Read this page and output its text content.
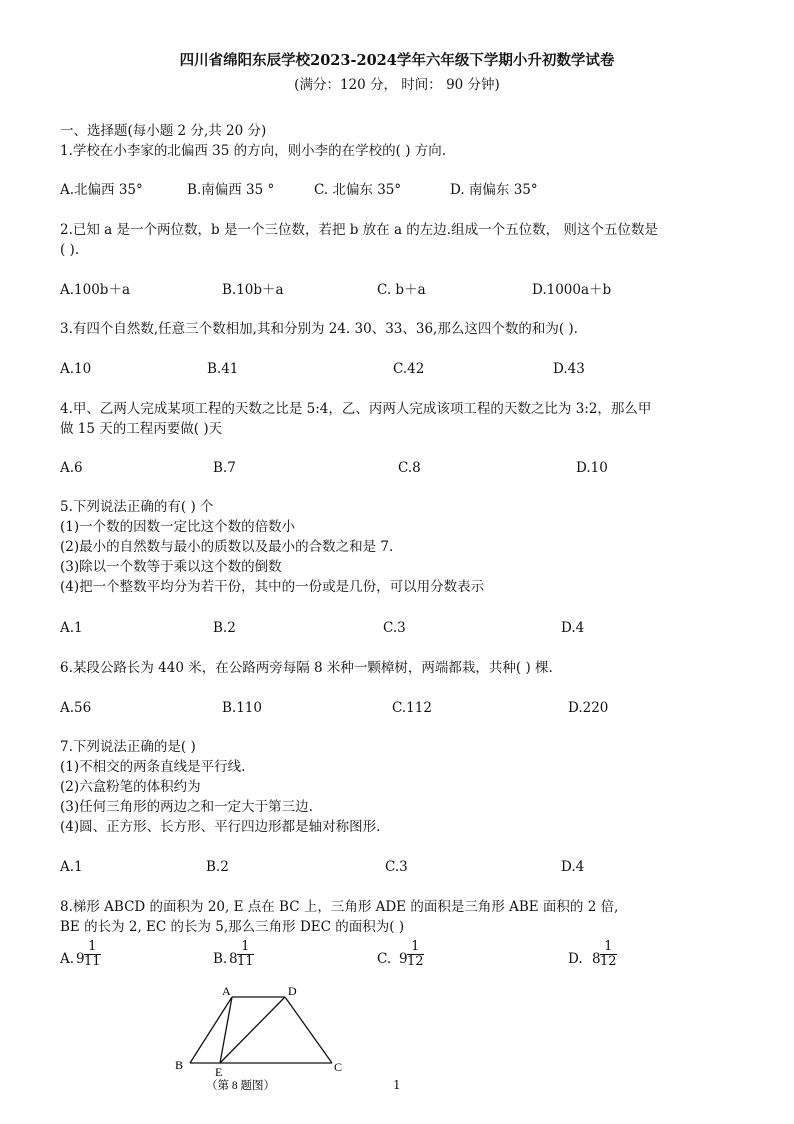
四川省绵阳东辰学校2023-2024学年六年级下学期小升初数学试卷
(满分：120 分， 时间： 90 分钟)
一、选择题(每小题 2 分,共 20 分)
1.学校在小李家的北偏西 35 的方向，则小李的在学校的( ) 方向.
A.北偏西 35°	B.南偏西 35 °	C. 北偏东 35°	D. 南偏东 35°
2.已知 a 是一个两位数，b 是一个三位数，若把 b 放在 a 的左边.组成一个五位数， 则这个五位数是
( ).
A.100b＋a	B.10b＋a	C. b＋a	D.1000a＋b
3.有四个自然数,任意三个数相加,其和分别为 24. 30、33、36,那么这四个数的和为( ).
A.10	B.41	C.42	D.43
4.甲、乙两人完成某项工程的天数之比是 5:4，乙、丙两人完成该项工程的天数之比为 3:2，那么甲
做 15 天的工程丙要做( )天
A.6	B.7	C.8	D.10
5.下列说法正确的有( ) 个
(1)一个数的因数一定比这个数的倍数小
(2)最小的自然数与最小的质数以及最小的合数之和是 7.
(3)除以一个数等于乘以这个数的倒数
(4)把一个整数平均分为若干份，其中的一份或是几份，可以用分数表示
A.1	B.2	C.3	D.4
6.某段公路长为 440 米，在公路两旁每隔 8 米种一颗樟树，两端都栽，共种( ) 棵.
A.56	B.110	C.112	D.220
7.下列说法正确的是( )
(1)不相交的两条直线是平行线.
(2)六盒粉笔的体积约为
(3)任何三角形的两边之和一定大于第三边.
(4)圆、正方形、长方形、平行四边形都是轴对称图形.
A.1	B.2	C.3	D.4
8.梯形 ABCD 的面积为 20, E 点在 BC 上，三角形 ADE 的面积是三角形 ABE 面积的 2 倍,
BE 的长为 2, EC 的长为 5,那么三角形 DEC 的面积为( )
A. $9 \frac{1}{11}$	B. $8 \frac{1}{11}$	C. $9 \frac{1}{12}$	D. $8 \frac{1}{12}$
A	D
B	C
E
（第 8 题图）	1
